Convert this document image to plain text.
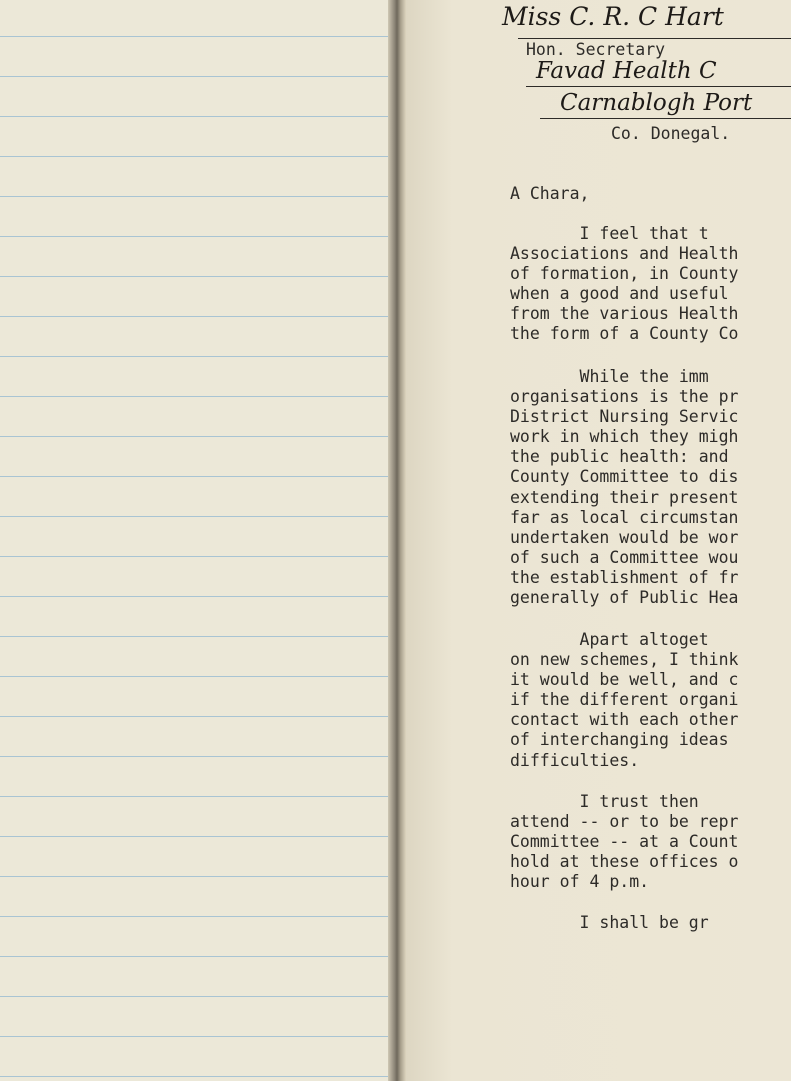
Miss C. R. C Hart
Hon. Secretary
Favad Health C
Carnablogh Port
Co. Donegal.
A Chara,
I feel that t
Associations and Health
of formation, in County
when a good and useful
from the various Health
the form of a County Co
While the imm
organisations is the pr
District Nursing Servic
work in which they migh
the public health: and
County Committee to dis
extending their present
far as local circumstan
undertaken would be wor
of such a Committee wou
the establishment of fr
generally of Public Hea
Apart altoget
on new schemes, I think
it would be well, and c
if the different organi
contact with each other
of interchanging ideas
difficulties.
I trust then
attend -- or to be repr
Committee -- at a Count
hold at these offices o
hour of 4 p.m.
I shall be gr
